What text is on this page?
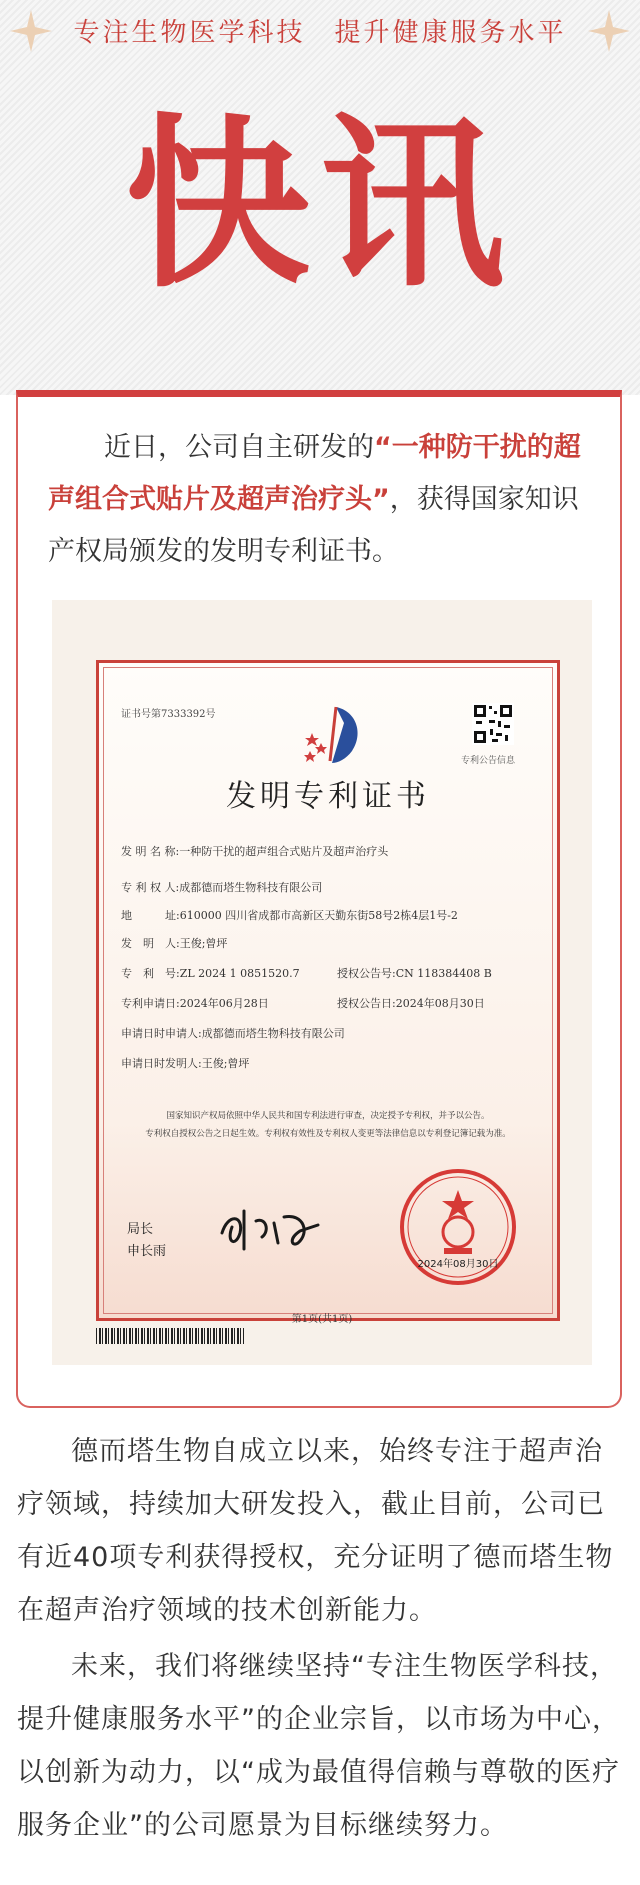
专注生物医学科技　提升健康服务水平
快讯

近日，公司自主研发的“一种防干扰的超声组合式贴片及超声治疗头”，获得国家知识产权局颁发的发明专利证书。

证书号第7333392号
专利公告信息
发明专利证书
发 明 名 称:一种防干扰的超声组合式贴片及超声治疗头
专 利 权 人:成都德而塔生物科技有限公司
地　　　址:610000 四川省成都市高新区天勤东街58号2栋4层1号-2
发　明　人:王俊;曾坪
专　利　号:ZL 2024 1 0851520.7	授权公告号:CN 118384408 B
专利申请日:2024年06月28日	授权公告日:2024年08月30日
申请日时申请人:成都德而塔生物科技有限公司
申请日时发明人:王俊;曾坪
国家知识产权局依照中华人民共和国专利法进行审查，决定授予专利权，并予以公告。
专利权自授权公告之日起生效。专利权有效性及专利权人变更等法律信息以专利登记簿记载为准。
局长
申长雨
2024年08月30日
第1页(共1页)

德而塔生物自成立以来，始终专注于超声治疗领域，持续加大研发投入，截止目前，公司已有近40项专利获得授权，充分证明了德而塔生物在超声治疗领域的技术创新能力。

未来，我们将继续坚持“专注生物医学科技，提升健康服务水平”的企业宗旨，以市场为中心，以创新为动力，以“成为最值得信赖与尊敬的医疗服务企业”的公司愿景为目标继续努力。
